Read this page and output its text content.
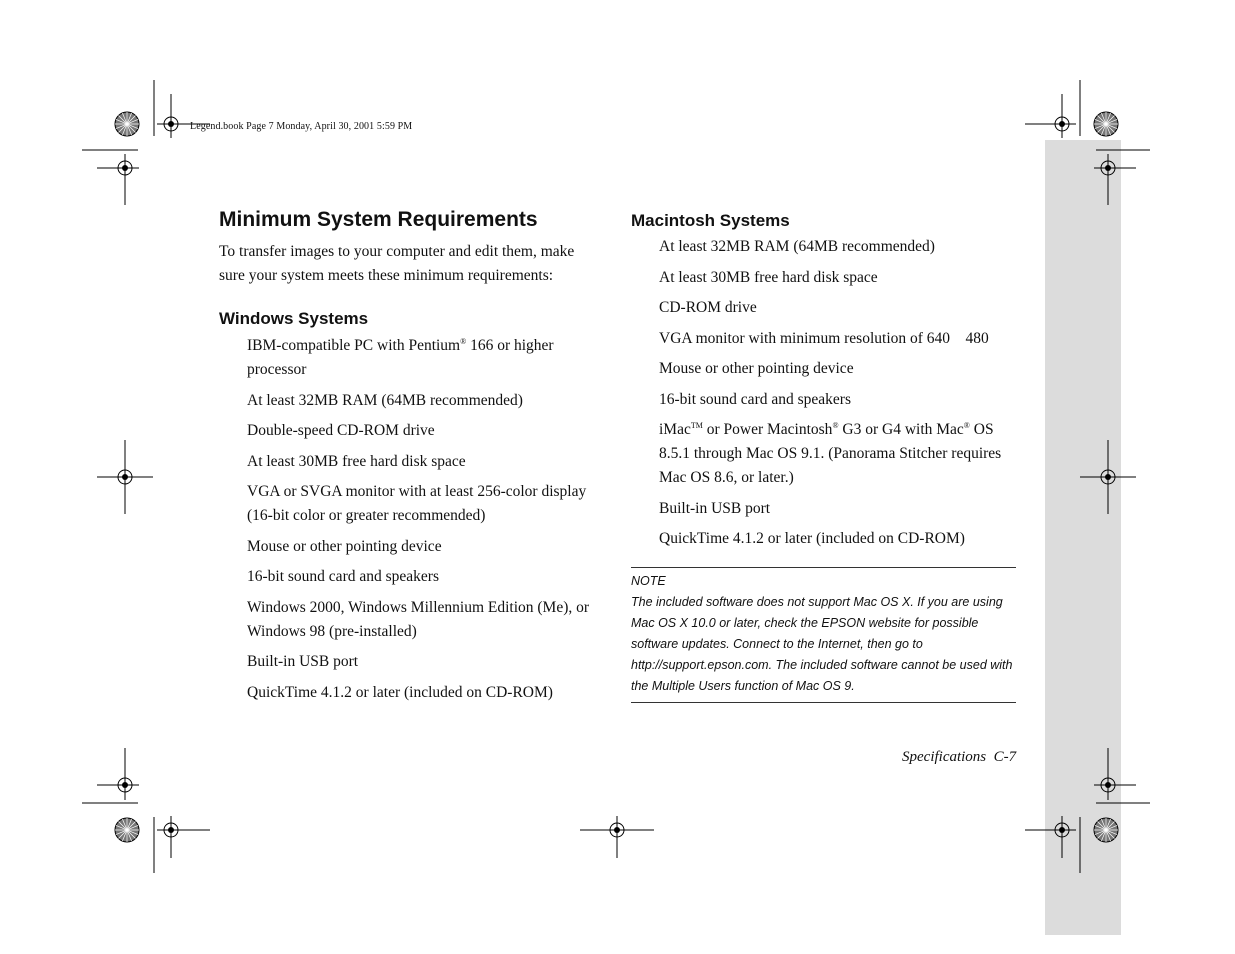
Legend.book Page 7 Monday, April 30, 2001 5:59 PM
Minimum System Requirements

To transfer images to your computer and edit them, make sure your system meets these minimum requirements:

Windows Systems
IBM-compatible PC with Pentium® 166 or higher processor
At least 32MB RAM (64MB recommended)
Double-speed CD-ROM drive
At least 30MB free hard disk space
VGA or SVGA monitor with at least 256-color display (16-bit color or greater recommended)
Mouse or other pointing device
16-bit sound card and speakers
Windows 2000, Windows Millennium Edition (Me), or Windows 98 (pre-installed)
Built-in USB port
QuickTime 4.1.2 or later (included on CD-ROM)
Macintosh Systems
At least 32MB RAM (64MB recommended)
At least 30MB free hard disk space
CD-ROM drive
VGA monitor with minimum resolution of 640    480
Mouse or other pointing device
16-bit sound card and speakers
iMac™ or Power Macintosh® G3 or G4 with Mac® OS 8.5.1 through Mac OS 9.1. (Panorama Stitcher requires Mac OS 8.6, or later.)
Built-in USB port
QuickTime 4.1.2 or later (included on CD-ROM)

NOTE

The included software does not support Mac OS X. If you are using Mac OS X 10.0 or later, check the EPSON website for possible software updates. Connect to the Internet, then go to http://support.epson.com. The included software cannot be used with the Multiple Users function of Mac OS 9.

Specifications C-7
